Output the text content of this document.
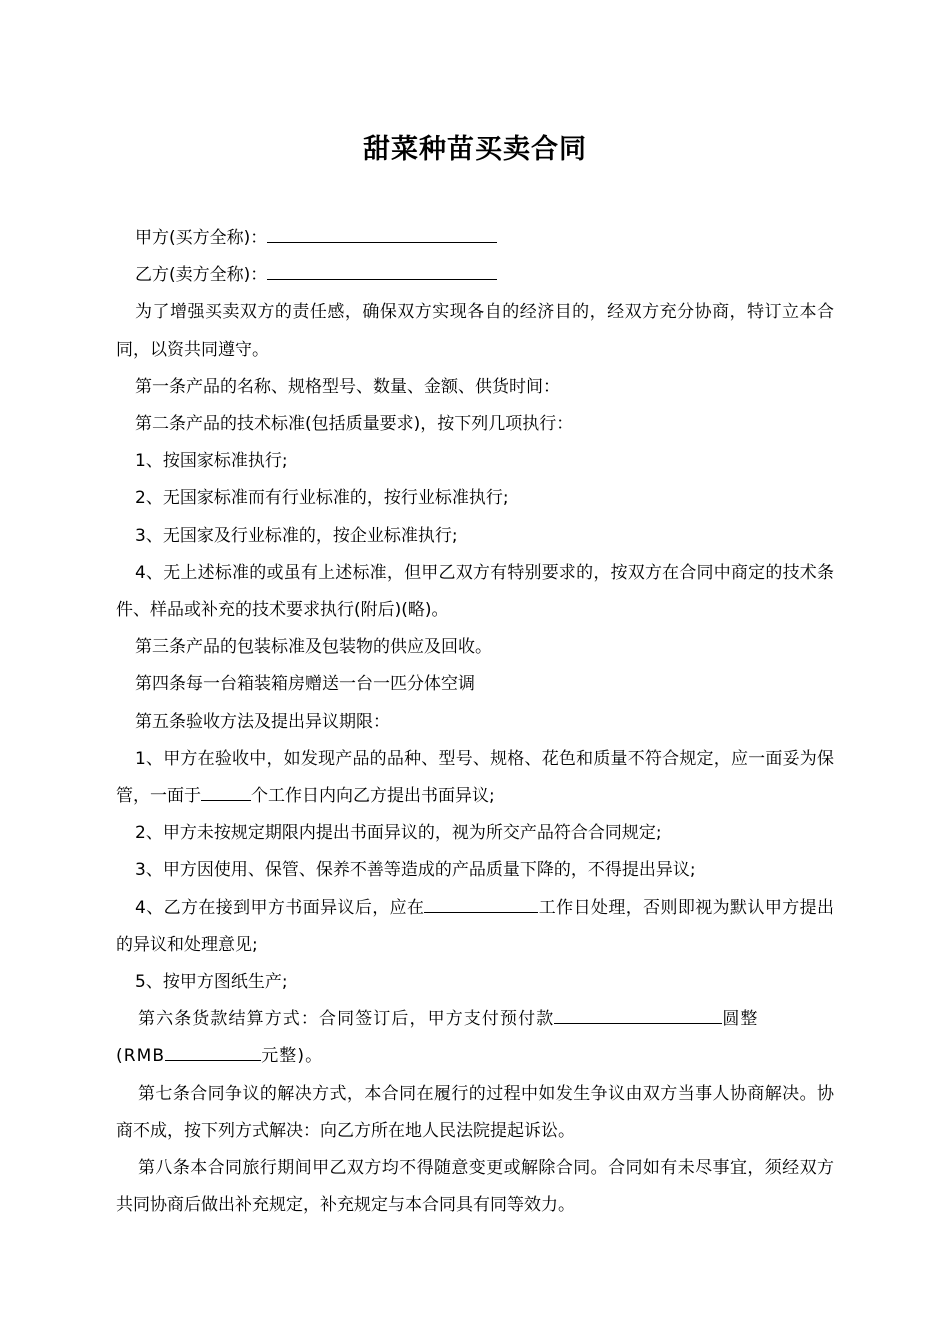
甜菜种苗买卖合同

甲方(买方全称)：

乙方(卖方全称)：

为了增强买卖双方的责任感，确保双方实现各自的经济目的，经双方充分协商，特订立本合同，以资共同遵守。

第一条产品的名称、规格型号、数量、金额、供货时间：

第二条产品的技术标准(包括质量要求)，按下列几项执行：

1、按国家标准执行;

2、无国家标准而有行业标准的，按行业标准执行;

3、无国家及行业标准的，按企业标准执行;

4、无上述标准的或虽有上述标准，但甲乙双方有特别要求的，按双方在合同中商定的技术条件、样品或补充的技术要求执行(附后)(略)。

第三条产品的包装标准及包装物的供应及回收。

第四条每一台箱装箱房赠送一台一匹分体空调

第五条验收方法及提出异议期限：

1、甲方在验收中，如发现产品的品种、型号、规格、花色和质量不符合规定，应一面妥为保管，一面于	个工作日内向乙方提出书面异议;

2、甲方未按规定期限内提出书面异议的，视为所交产品符合合同规定;

3、甲方因使用、保管、保养不善等造成的产品质量下降的，不得提出异议;

4、乙方在接到甲方书面异议后，应在	工作日处理，否则即视为默认甲方提出的异议和处理意见;

5、按甲方图纸生产;

第六条货款结算方式：合同签订后，甲方支付预付款	圆整
(RMB	元整)。

第七条合同争议的解决方式，本合同在履行的过程中如发生争议由双方当事人协商解决。协商不成，按下列方式解决：向乙方所在地人民法院提起诉讼。

第八条本合同旅行期间甲乙双方均不得随意变更或解除合同。合同如有未尽事宜，须经双方共同协商后做出补充规定，补充规定与本合同具有同等效力。
